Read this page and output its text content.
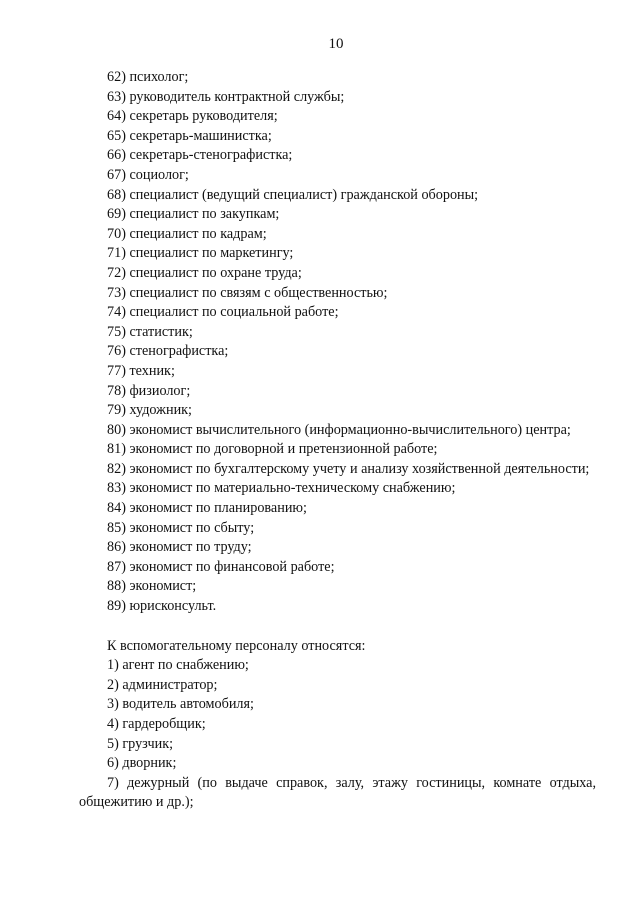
10
62) психолог;
63) руководитель контрактной службы;
64) секретарь руководителя;
65) секретарь-машинистка;
66) секретарь-стенографистка;
67) социолог;
68) специалист (ведущий специалист) гражданской обороны;
69) специалист по закупкам;
70) специалист по кадрам;
71) специалист по маркетингу;
72) специалист по охране труда;
73) специалист по связям с общественностью;
74) специалист по социальной работе;
75) статистик;
76) стенографистка;
77) техник;
78) физиолог;
79) художник;
80) экономист вычислительного (информационно-вычислительного) центра;
81) экономист по договорной и претензионной работе;
82) экономист по бухгалтерскому учету и анализу хозяйственной деятельности;
83) экономист по материально-техническому снабжению;
84) экономист по планированию;
85) экономист по сбыту;
86) экономист по труду;
87) экономист по финансовой работе;
88) экономист;
89) юрисконсульт.
К вспомогательному персоналу относятся:
1) агент по снабжению;
2) администратор;
3) водитель автомобиля;
4) гардеробщик;
5) грузчик;
6) дворник;
7) дежурный (по выдаче справок, залу, этажу гостиницы, комнате отдыха, общежитию и др.);
